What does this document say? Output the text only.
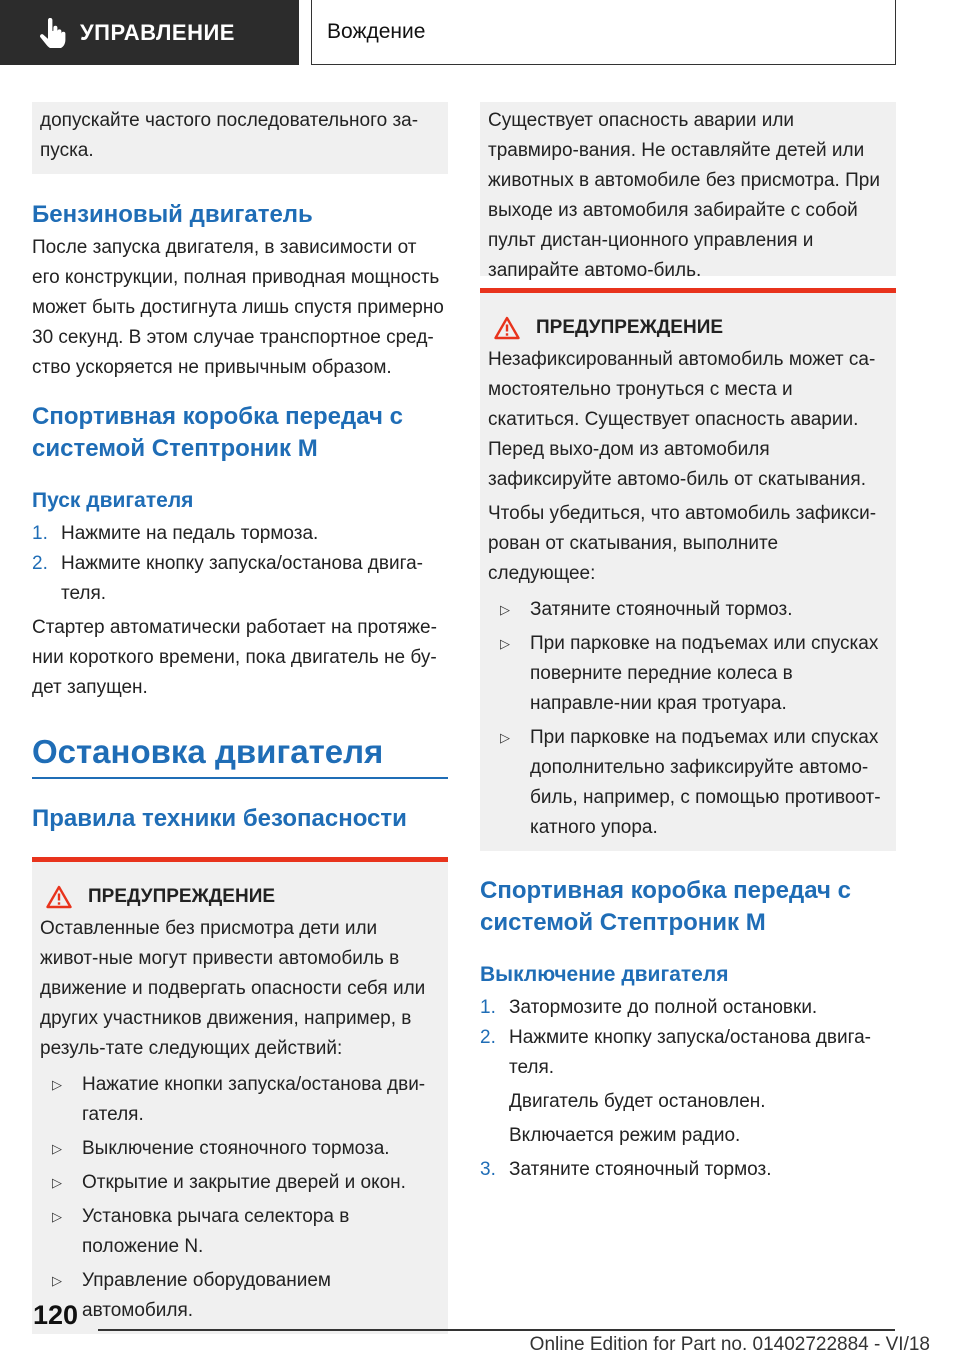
УПРАВЛЕНИЕ	Вождение

допускайте частого последовательного за-пуска.

Бензиновый двигатель

После запуска двигателя, в зависимости от его конструкции, полная приводная мощность может быть достигнута лишь спустя примерно 30 секунд. В этом случае транспортное сред-ство ускоряется не привычным образом.

Спортивная коробка передач с системой Стептроник M
Пуск двигателя
1. Нажмите на педаль тормоза.
2. Нажмите кнопку запуска/останова двига-теля.

Стартер автоматически работает на протяже-нии короткого времени, пока двигатель не бу-дет запущен.

Остановка двигателя
Правила техники безопасности
ПРЕДУПРЕЖДЕНИЕ

Оставленные без присмотра дети или живот-ные могут привести автомобиль в движение и подвергать опасности себя или других участников движения, например, в резуль-тате следующих действий:

▷	Нажатие кнопки запуска/останова дви-гателя.
▷	Выключение стояночного тормоза.
▷	Открытие и закрытие дверей и окон.
▷	Установка рычага селектора в положение N.
▷	Управление оборудованием автомобиля.

Существует опасность аварии или травмиро-вания. Не оставляйте детей или животных в автомобиле без присмотра. При выходе из автомобиля забирайте с собой пульт дистан-ционного управления и запирайте автомо-биль.

ПРЕДУПРЕЖДЕНИЕ

Незафиксированный автомобиль может са-мостоятельно тронуться с места и скатиться. Существует опасность аварии. Перед выхо-дом из автомобиля зафиксируйте автомо-биль от скатывания.

Чтобы убедиться, что автомобиль зафикси-рован от скатывания, выполните следующее:

▷	Затяните стояночный тормоз.
▷	При парковке на подъемах или спусках поверните передние колеса в направле-нии края тротуара.
▷	При парковке на подъемах или спусках дополнительно зафиксируйте автомо-биль, например, с помощью противоот-катного упора.
Спортивная коробка передач с системой Стептроник M
Выключение двигателя
1. Затормозите до полной остановки.
2. Нажмите кнопку запуска/останова двига-теля.
Двигатель будет остановлен.
Включается режим радио.
3. Затяните стояночный тормоз.
120
Online Edition for Part no. 01402722884 - VI/18
